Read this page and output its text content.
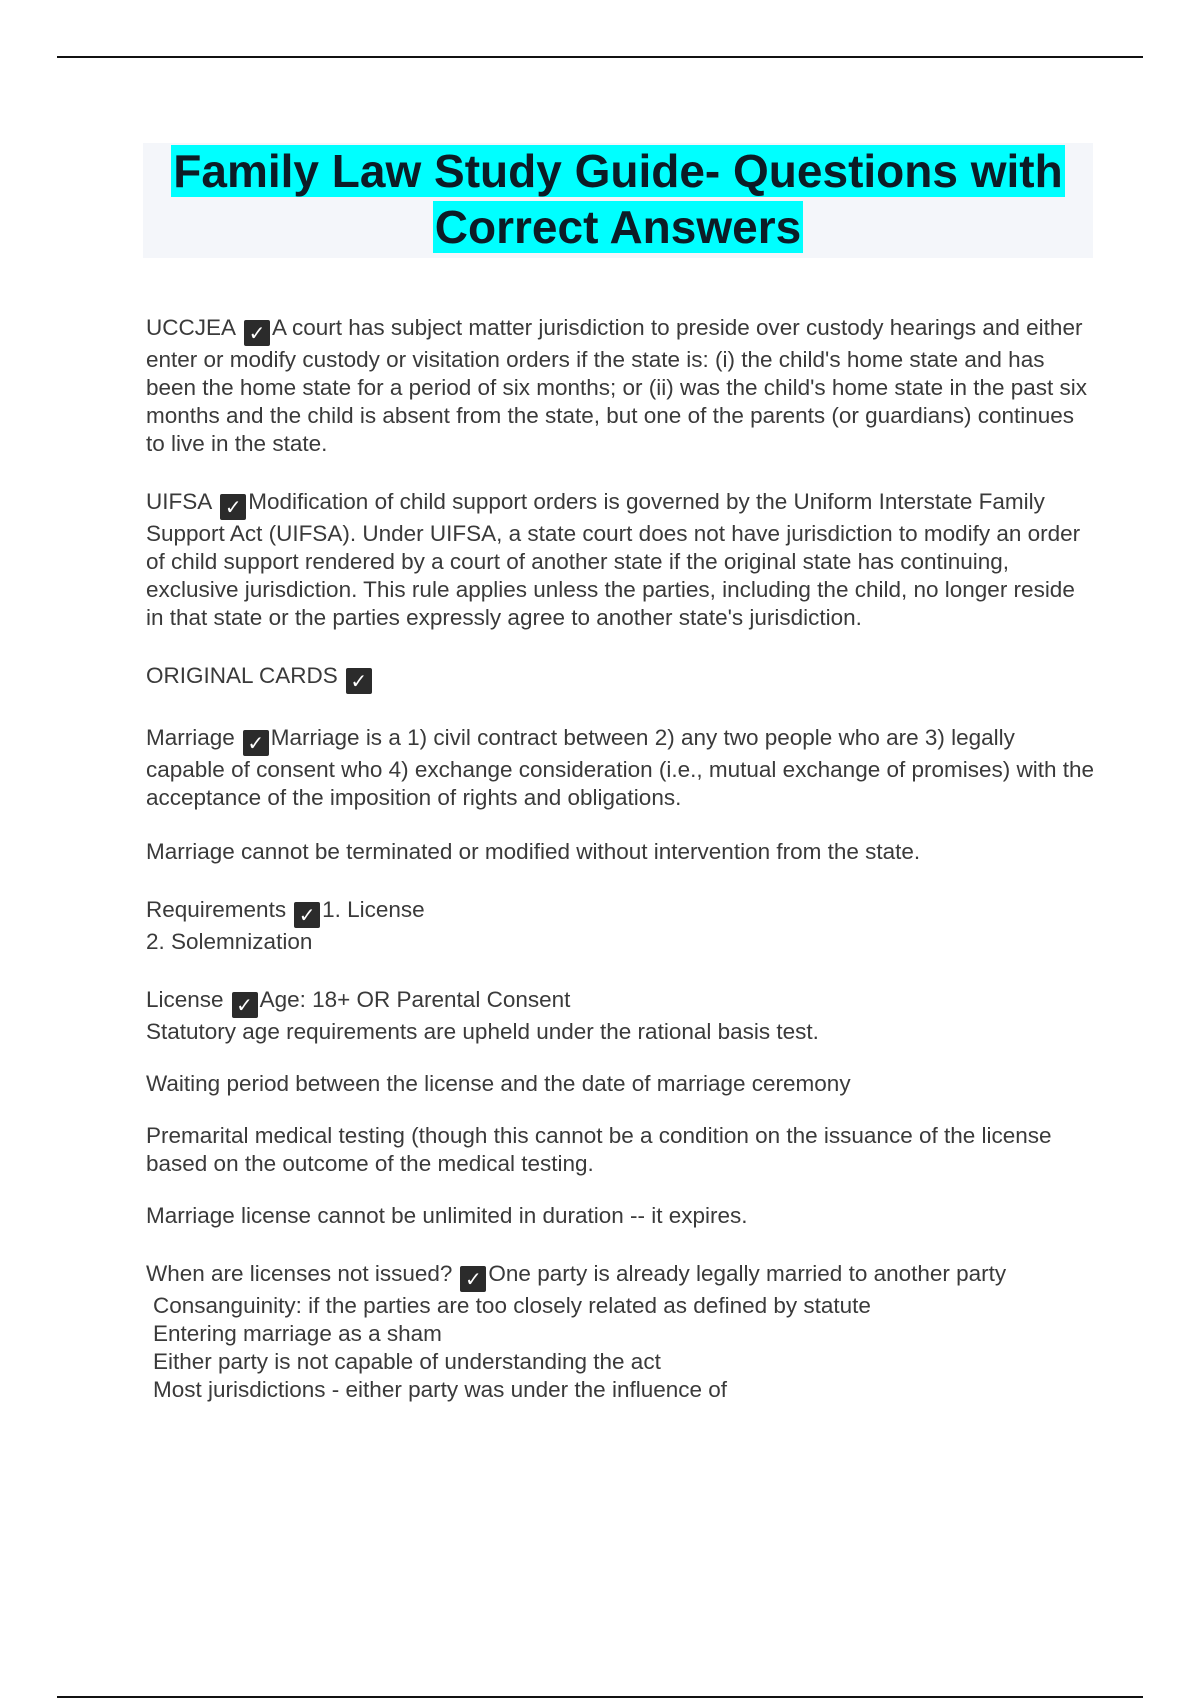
Family Law Study Guide- Questions with

Correct Answers

UCCJEA ✓ A court has subject matter jurisdiction to preside over custody hearings and either enter or modify custody or visitation orders if the state is: (i) the child's home state and has been the home state for a period of six months; or (ii) was the child's home state in the past six months and the child is absent from the state, but one of the parents (or guardians) continues to live in the state.

UIFSA ✓ Modification of child support orders is governed by the Uniform Interstate Family Support Act (UIFSA). Under UIFSA, a state court does not have jurisdiction to modify an order of child support rendered by a court of another state if the original state has continuing, exclusive jurisdiction. This rule applies unless the parties, including the child, no longer reside in that state or the parties expressly agree to another state's jurisdiction.

ORIGINAL CARDS ✓

Marriage ✓ Marriage is a 1) civil contract between 2) any two people who are 3) legally capable of consent who 4) exchange consideration (i.e., mutual exchange of promises) with the acceptance of the imposition of rights and obligations.

Marriage cannot be terminated or modified without intervention from the state.

Requirements ✓ 1. License
2. Solemnization

License ✓ Age: 18+ OR Parental Consent
Statutory age requirements are upheld under the rational basis test.

Waiting period between the license and the date of marriage ceremony

Premarital medical testing (though this cannot be a condition on the issuance of the license based on the outcome of the medical testing.

Marriage license cannot be unlimited in duration -- it expires.

When are licenses not issued? ✓ One party is already legally married to another party
Consanguinity: if the parties are too closely related as defined by statute
Entering marriage as a sham
Either party is not capable of understanding the act
Most jurisdictions - either party was under the influence of
